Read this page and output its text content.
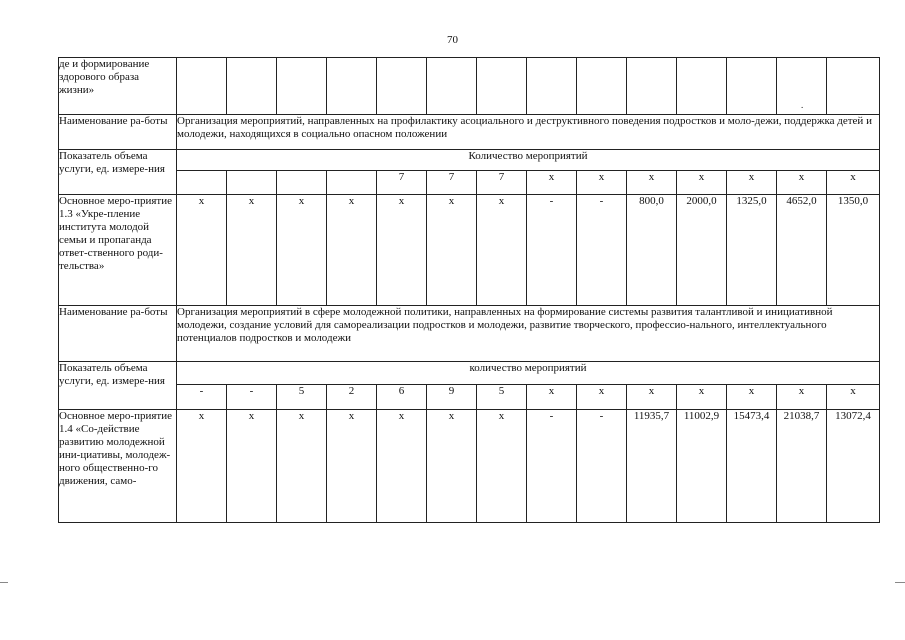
70
де и формирование здорового образа жизни»														
Наименование ра-боты	Организация мероприятий, направленных на профилактику асоциального и деструктивного поведения подростков и моло-дежи, поддержка детей и молодежи, находящихся в социально опасном положении													
Показатель объема услуги, ед. измере-ния	Количество мероприятий													
					7	7	7	х	х	х	х	х	х	х
Основное меро-приятие 1.3 «Укре-пление института молодой семьи и пропаганда ответ-ственного роди-тельства»	х	х	х	х	х	х	х	-	-	800,0	2000,0	1325,0	4652,0	1350,0
Наименование ра-боты	Организация мероприятий в сфере молодежной политики, направленных на формирование системы развития талантливой и инициативной молодежи, создание условий для самореализации подростков и молодежи, развитие творческого, профессио-нального, интеллектуального потенциалов подростков и молодежи													
Показатель объема услуги, ед. измере-ния	количество мероприятий													
	-	-	5	2	6	9	5	х	х	х	х	х	х	х
Основное меро-приятие 1.4 «Со-действие развитию молодежной ини-циативы, молодеж-ного общественно-го движения, само-	х	х	х	х	х	х	х	-	-	11935,7	11002,9	15473,4	21038,7	13072,4
.
